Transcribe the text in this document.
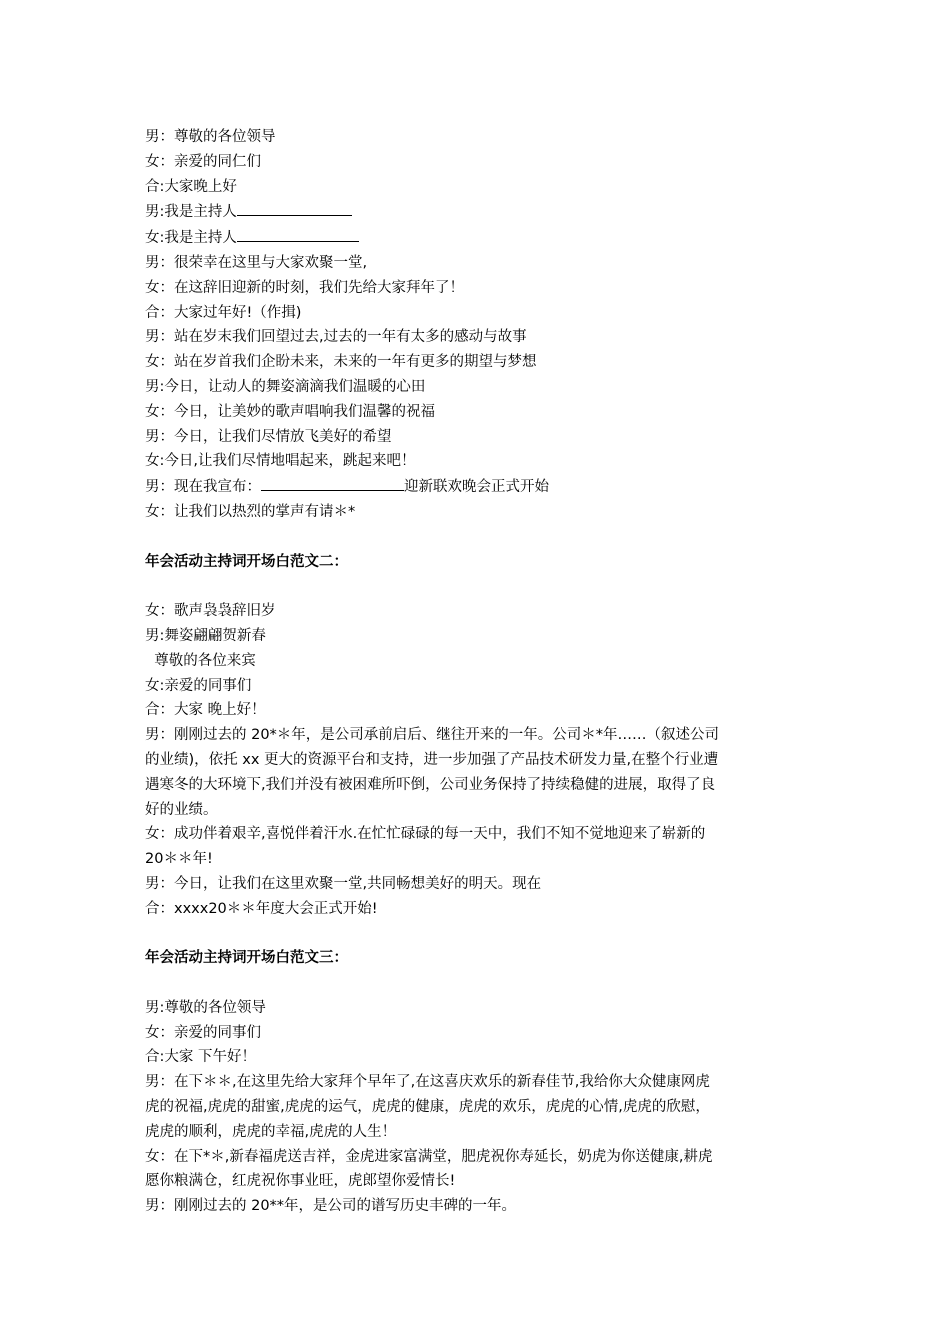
男：尊敬的各位领导

女：亲爱的同仁们

合:大家晚上好

男:我是主持人

女:我是主持人

男：很荣幸在这里与大家欢聚一堂,

女：在这辞旧迎新的时刻，我们先给大家拜年了！

合：大家过年好!（作揖)

男：站在岁末我们回望过去,过去的一年有太多的感动与故事

女：站在岁首我们企盼未来，未来的一年有更多的期望与梦想

男:今日，让动人的舞姿滴滴我们温暖的心田

女：今日，让美妙的歌声唱响我们温馨的祝福

男：今日，让我们尽情放飞美好的希望

女:今日,让我们尽情地唱起来，跳起来吧！

男：现在我宣布：	迎新联欢晚会正式开始

女：让我们以热烈的掌声有请＊*

年会活动主持词开场白范文二：

女：歌声袅袅辞旧岁

男:舞姿翩翩贺新春

尊敬的各位来宾

女:亲爱的同事们

合：大家 晚上好！

男：刚刚过去的 20*＊年，是公司承前启后、继往开来的一年。公司＊*年……（叙述公司

的业绩)，依托 xx 更大的资源平台和支持，进一步加强了产品技术研发力量,在整个行业遭

遇寒冬的大环境下,我们并没有被困难所吓倒，公司业务保持了持续稳健的进展，取得了良

好的业绩。

女：成功伴着艰辛,喜悦伴着汗水.在忙忙碌碌的每一天中，我们不知不觉地迎来了崭新的

20＊＊年!

男：今日，让我们在这里欢聚一堂,共同畅想美好的明天。现在

合：xxxx20＊＊年度大会正式开始!

年会活动主持词开场白范文三：

男:尊敬的各位领导

女：亲爱的同事们

合:大家 下午好！

男：在下＊＊,在这里先给大家拜个早年了,在这喜庆欢乐的新春佳节,我给你大众健康网虎

虎的祝福,虎虎的甜蜜,虎虎的运气，虎虎的健康，虎虎的欢乐，虎虎的心情,虎虎的欣慰，

虎虎的顺利，虎虎的幸福,虎虎的人生！

女：在下*＊,新春福虎送吉祥，金虎进家富满堂，肥虎祝你寿延长，奶虎为你送健康,耕虎

愿你粮满仓，红虎祝你事业旺，虎郎望你爱情长!

男：刚刚过去的 20**年，是公司的谱写历史丰碑的一年。
